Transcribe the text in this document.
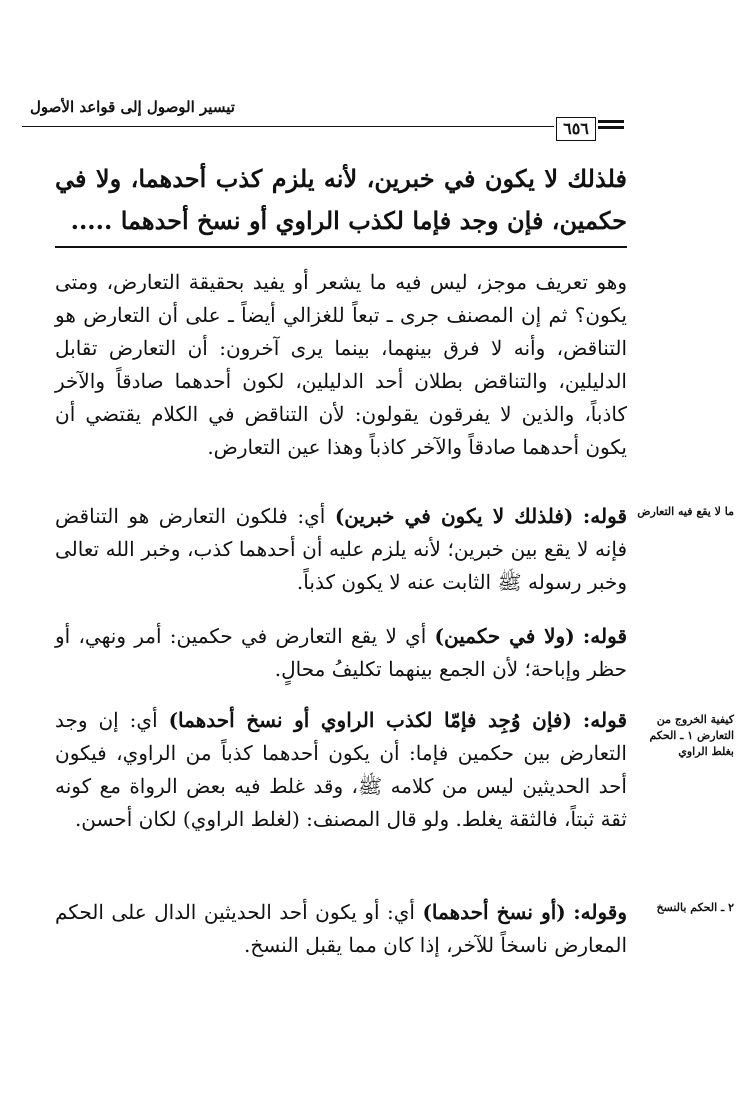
تيسير الوصول إلى قواعد الأصول
٦٥٦
فلذلك لا يكون في خبرين، لأنه يلزم كذب أحدهما، ولا في حكمين، فإن وجد فإما لكذب الراوي أو نسخ أحدهما .....
وهو تعريف موجز، ليس فيه ما يشعر أو يفيد بحقيقة التعارض، ومتى يكون؟ ثم إن المصنف جرى ـ تبعاً للغزالي أيضاً ـ على أن التعارض هو التناقض، وأنه لا فرق بينهما، بينما يرى آخرون: أن التعارض تقابل الدليلين، والتناقض بطلان أحد الدليلين، لكون أحدهما صادقاً والآخر كاذباً، والذين لا يفرقون يقولون: لأن التناقض في الكلام يقتضي أن يكون أحدهما صادقاً والآخر كاذباً وهذا عين التعارض.
ما لا يقع فيه التعارض
قوله: (فلذلك لا يكون في خبرين) أي: فلكون التعارض هو التناقض فإنه لا يقع بين خبرين؛ لأنه يلزم عليه أن أحدهما كذب، وخبر الله تعالى وخبر رسوله ﷺ الثابت عنه لا يكون كذباً.
قوله: (ولا في حكمين) أي لا يقع التعارض في حكمين: أمر ونهي، أو حظر وإباحة؛ لأن الجمع بينهما تكليفُ محالٍ.
كيفية الخروج من التعارض ١ ـ الحكم بغلط الراوي
قوله: (فإن وُجِد فإمّا لكذب الراوي أو نسخ أحدهما) أي: إن وجد التعارض بين حكمين فإما: أن يكون أحدهما كذباً من الراوي، فيكون أحد الحديثين ليس من كلامه ﷺ، وقد غلط فيه بعض الرواة مع كونه ثقة ثبتاً، فالثقة يغلط. ولو قال المصنف: (لغلط الراوي) لكان أحسن.
٢ ـ الحكم بالنسخ
وقوله: (أو نسخ أحدهما) أي: أو يكون أحد الحديثين الدال على الحكم المعارض ناسخاً للآخر، إذا كان مما يقبل النسخ.
